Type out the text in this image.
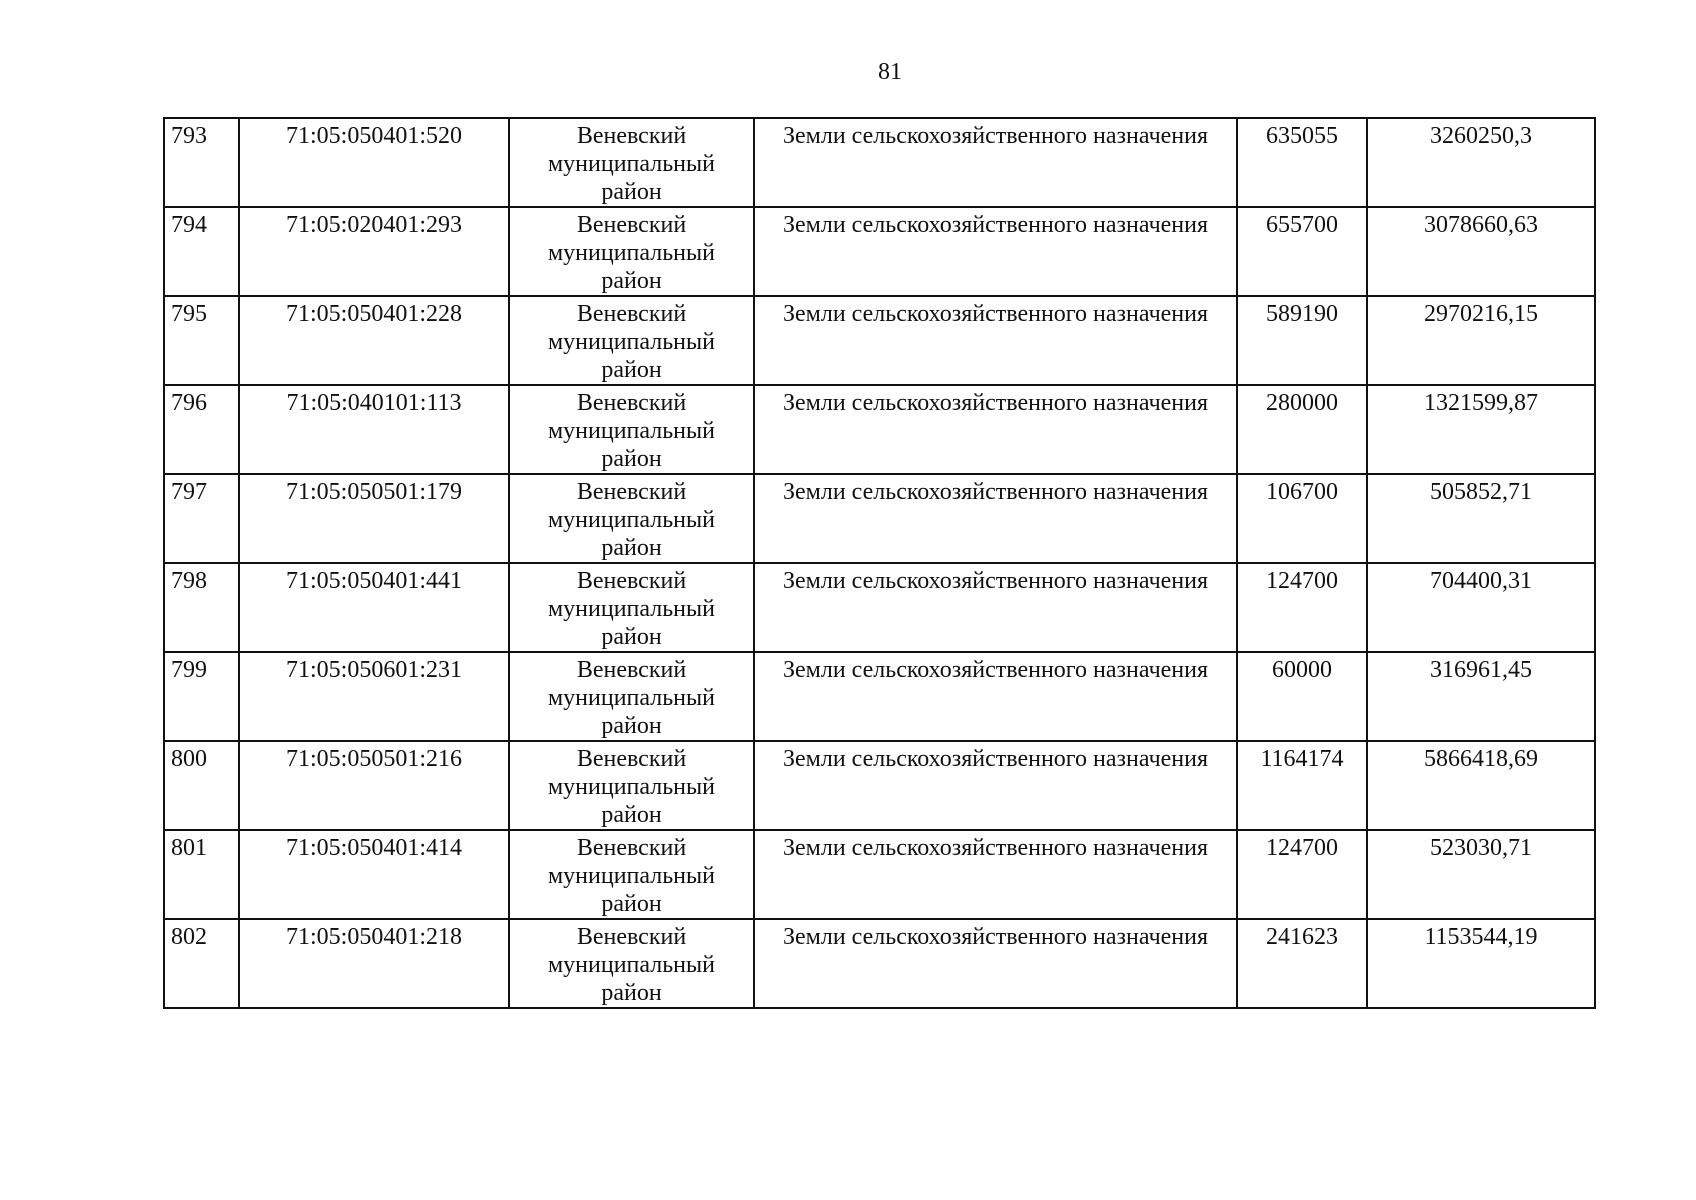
81
793	71:05:050401:520	Веневский муниципальный район	Земли сельскохозяйственного назначения	635055	3260250,3
794	71:05:020401:293	Веневский муниципальный район	Земли сельскохозяйственного назначения	655700	3078660,63
795	71:05:050401:228	Веневский муниципальный район	Земли сельскохозяйственного назначения	589190	2970216,15
796	71:05:040101:113	Веневский муниципальный район	Земли сельскохозяйственного назначения	280000	1321599,87
797	71:05:050501:179	Веневский муниципальный район	Земли сельскохозяйственного назначения	106700	505852,71
798	71:05:050401:441	Веневский муниципальный район	Земли сельскохозяйственного назначения	124700	704400,31
799	71:05:050601:231	Веневский муниципальный район	Земли сельскохозяйственного назначения	60000	316961,45
800	71:05:050501:216	Веневский муниципальный район	Земли сельскохозяйственного назначения	1164174	5866418,69
801	71:05:050401:414	Веневский муниципальный район	Земли сельскохозяйственного назначения	124700	523030,71
802	71:05:050401:218	Веневский муниципальный район	Земли сельскохозяйственного назначения	241623	1153544,19
